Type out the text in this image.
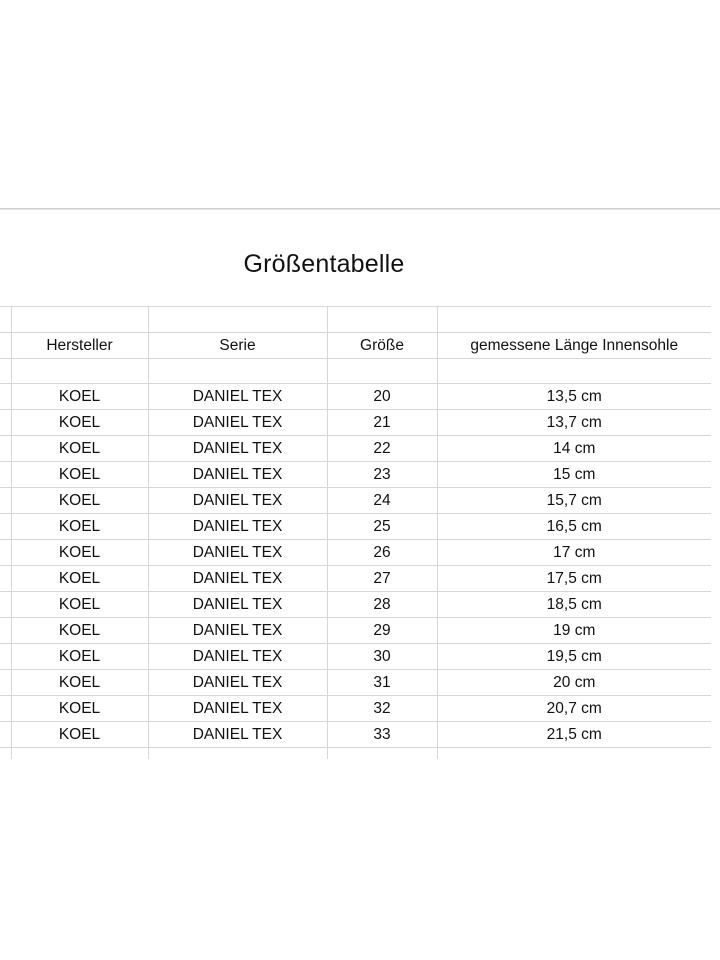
Größentabelle

	Hersteller	Serie	Größe	gemessene Länge Innensohle

	KOEL	DANIEL TEX	20	13,5 cm
	KOEL	DANIEL TEX	21	13,7 cm
	KOEL	DANIEL TEX	22	14 cm
	KOEL	DANIEL TEX	23	15 cm
	KOEL	DANIEL TEX	24	15,7 cm
	KOEL	DANIEL TEX	25	16,5 cm
	KOEL	DANIEL TEX	26	17 cm
	KOEL	DANIEL TEX	27	17,5 cm
	KOEL	DANIEL TEX	28	18,5 cm
	KOEL	DANIEL TEX	29	19 cm
	KOEL	DANIEL TEX	30	19,5 cm
	KOEL	DANIEL TEX	31	20 cm
	KOEL	DANIEL TEX	32	20,7 cm
	KOEL	DANIEL TEX	33	21,5 cm
